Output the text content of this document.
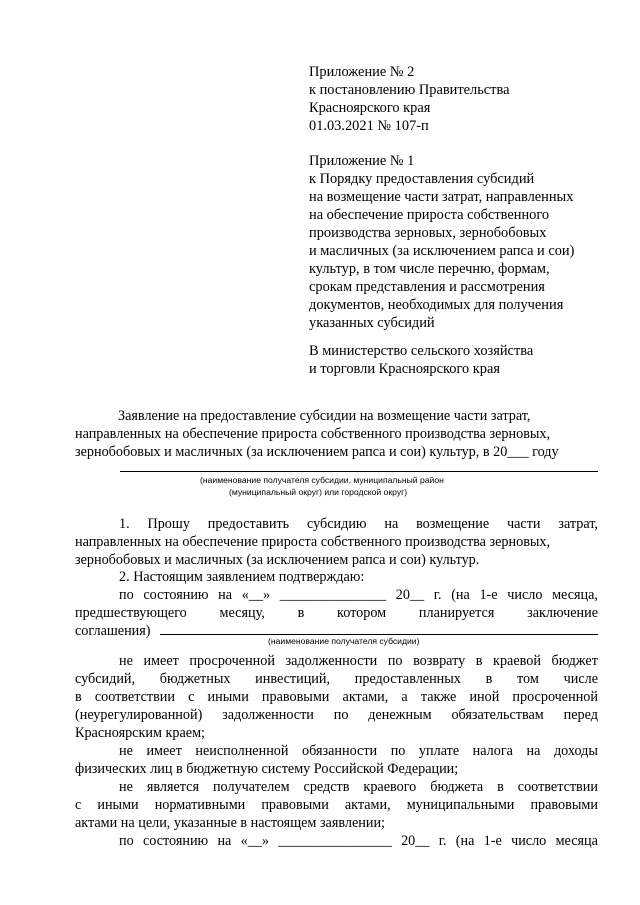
Приложение № 2
к постановлению Правительства
Красноярского края
01.03.2021 № 107-п
Приложение № 1
к Порядку предоставления субсидий
на возмещение части затрат, направленных
на обеспечение прироста собственного
производства зерновых, зернобобовых
и масличных (за исключением рапса и сои)
культур, в том числе перечню, формам,
срокам представления и рассмотрения
документов, необходимых для получения
указанных субсидий
В министерство сельского хозяйства
и торговли Красноярского края
Заявление на предоставление субсидии на возмещение части затрат,
направленных на обеспечение прироста собственного производства зерновых,
зернобобовых и масличных (за исключением рапса и сои) культур, в 20___ году
(наименование получателя субсидии, муниципальный район
(муниципальный округ) или городской округ)
1. Прошу предоставить субсидию на возмещение части затрат,
направленных на обеспечение прироста собственного производства зерновых,
зернобобовых и масличных (за исключением рапса и сои) культур.
2. Настоящим заявлением подтверждаю:
по состоянию на «__» _______________ 20__ г. (на 1-е число месяца,
предшествующего месяцу, в котором планируется заключение
соглашения)
(наименование получателя субсидии)
не имеет просроченной задолженности по возврату в краевой бюджет
субсидий, бюджетных инвестиций, предоставленных в том числе
в соответствии с иными правовыми актами, а также иной просроченной
(неурегулированной) задолженности по денежным обязательствам перед
Красноярским краем;
не имеет неисполненной обязанности по уплате налога на доходы
физических лиц в бюджетную систему Российской Федерации;
не является получателем средств краевого бюджета в соответствии
с иными нормативными правовыми актами, муниципальными правовыми
актами на цели, указанные в настоящем заявлении;
по состоянию на «__» ________________ 20__ г. (на 1-е число месяца
